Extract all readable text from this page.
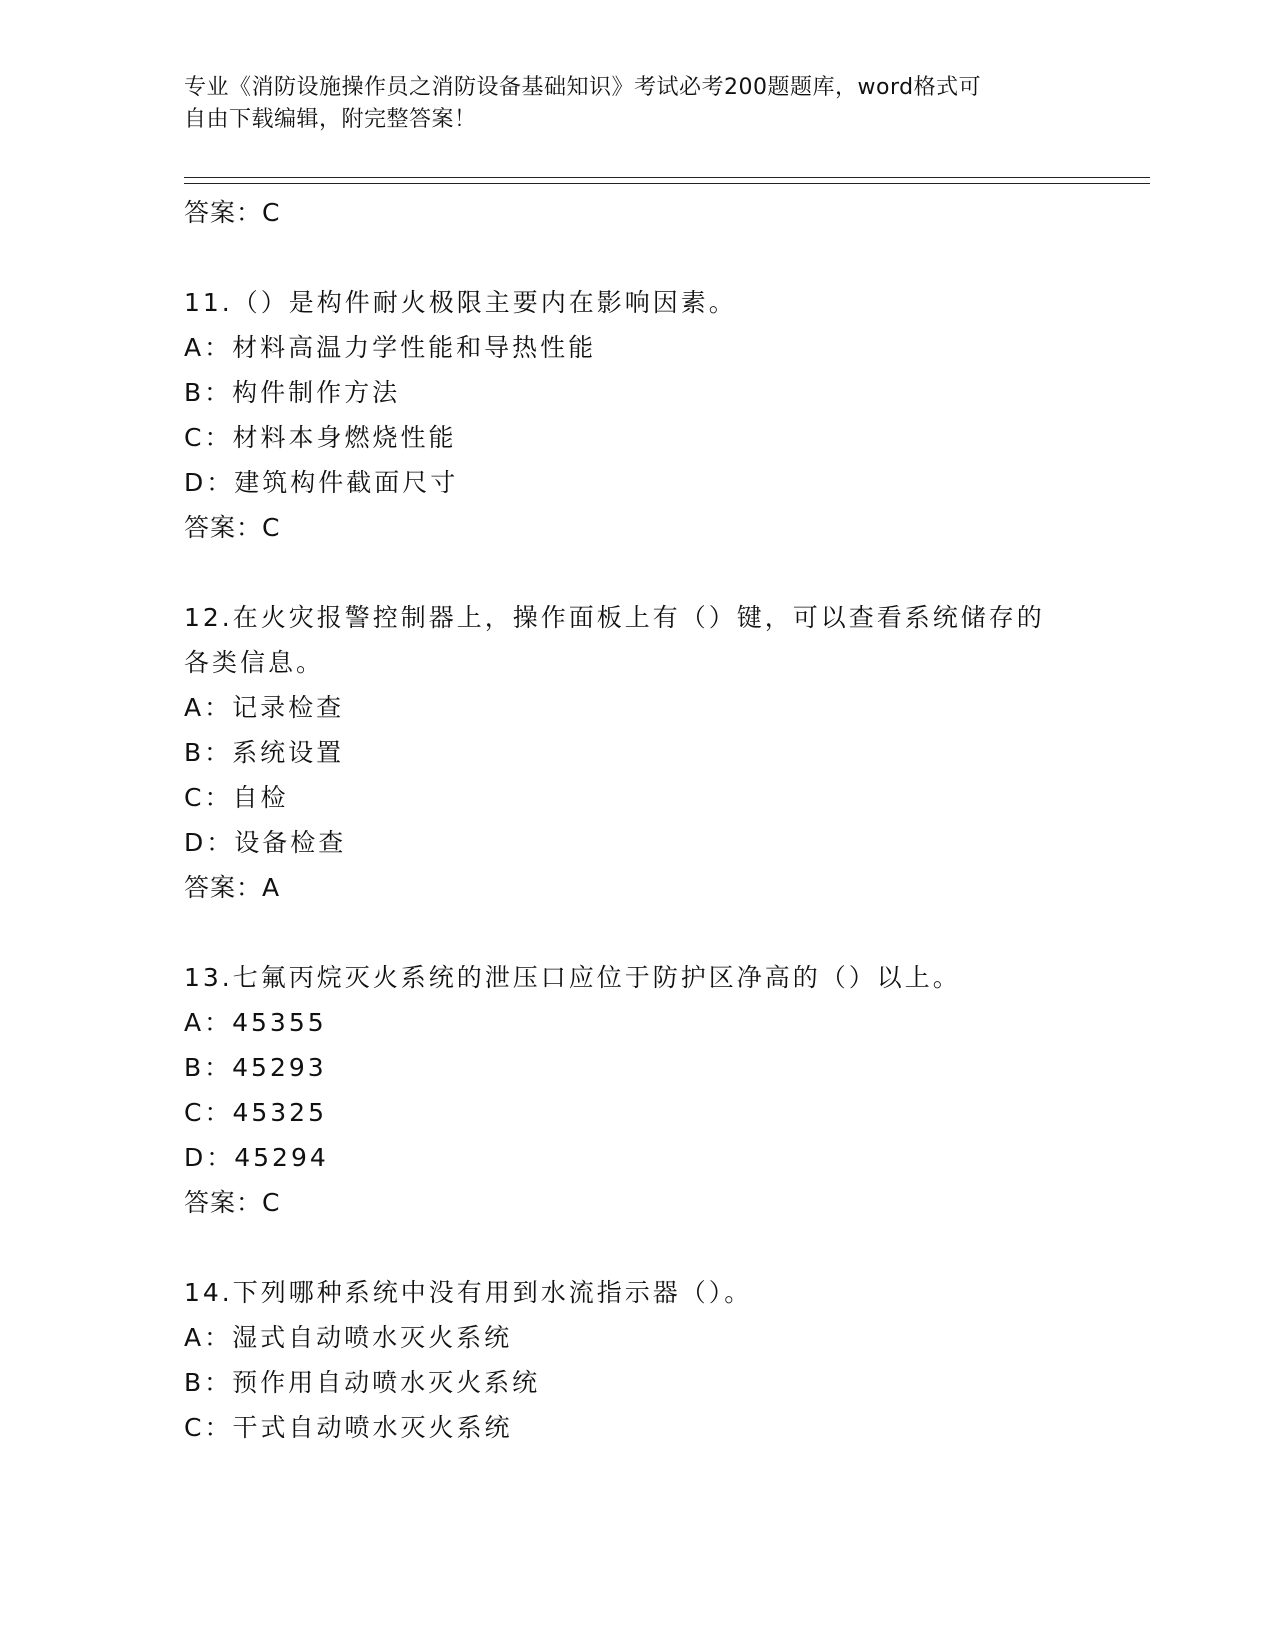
专业《消防设施操作员之消防设备基础知识》考试必考200题题库，word格式可
自由下载编辑，附完整答案！
答案：C
11.（）是构件耐火极限主要内在影响因素。
A：材料高温力学性能和导热性能
B：构件制作方法
C：材料本身燃烧性能
D：建筑构件截面尺寸
答案：C
12.在火灾报警控制器上，操作面板上有（）键，可以查看系统储存的
各类信息。
A：记录检查
B：系统设置
C：自检
D：设备检查
答案：A
13.七氟丙烷灭火系统的泄压口应位于防护区净高的（）以上。
A：45355
B：45293
C：45325
D：45294
答案：C
14.下列哪种系统中没有用到水流指示器（）。
A：湿式自动喷水灭火系统
B：预作用自动喷水灭火系统
C：干式自动喷水灭火系统
